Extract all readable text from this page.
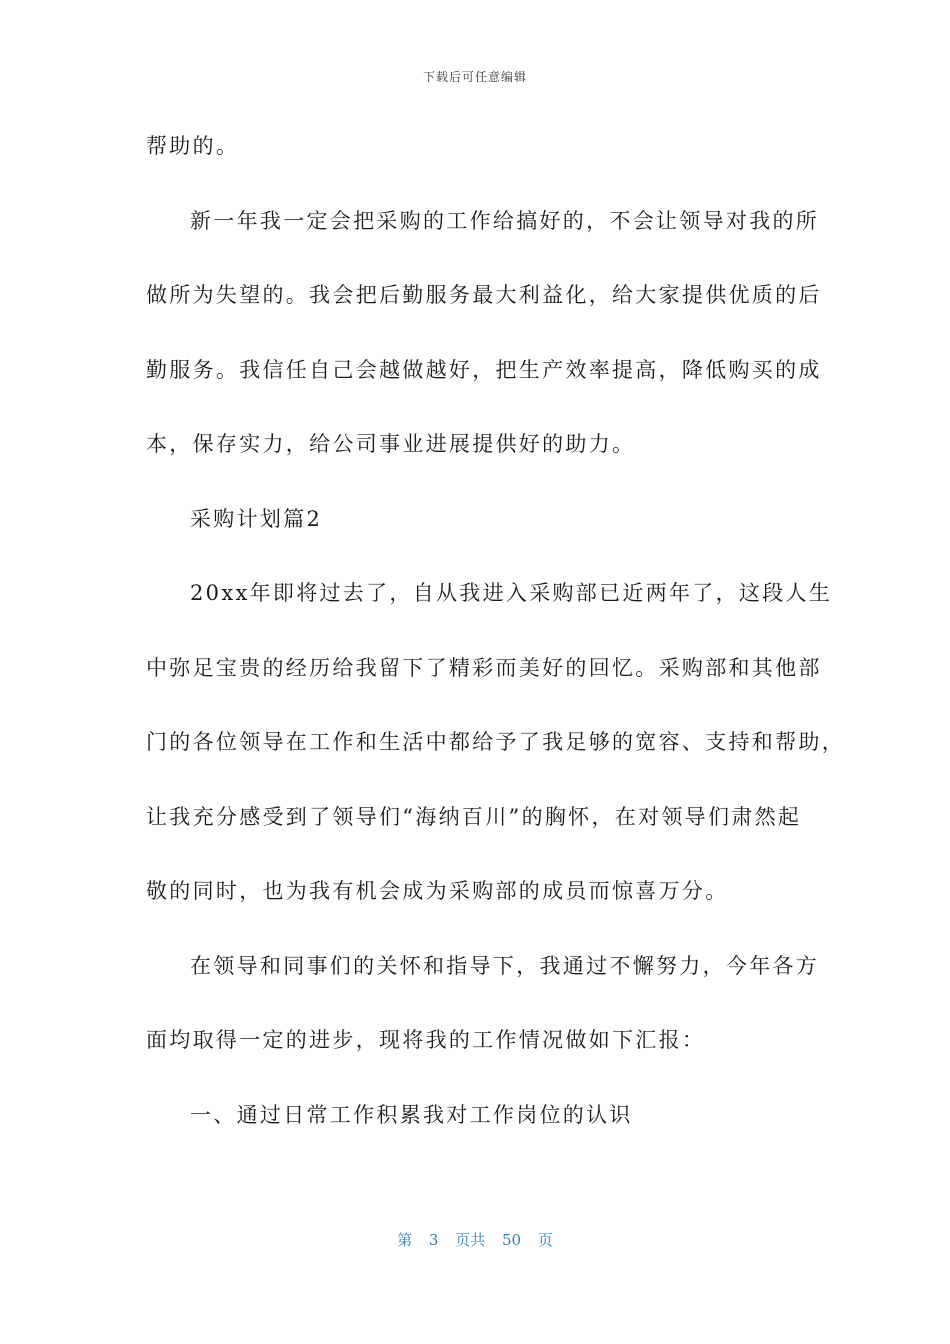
下载后可任意编辑
帮助的。
新一年我一定会把采购的工作给搞好的，不会让领导对我的所
做所为失望的。我会把后勤服务最大利益化，给大家提供优质的后
勤服务。我信任自己会越做越好，把生产效率提高，降低购买的成
本，保存实力，给公司事业进展提供好的助力。
采购计划篇2
20xx年即将过去了，自从我进入采购部已近两年了，这段人生
中弥足宝贵的经历给我留下了精彩而美好的回忆。采购部和其他部
门的各位领导在工作和生活中都给予了我足够的宽容、支持和帮助，
让我充分感受到了领导们“海纳百川”的胸怀，在对领导们肃然起
敬的同时，也为我有机会成为采购部的成员而惊喜万分。
在领导和同事们的关怀和指导下，我通过不懈努力，今年各方
面均取得一定的进步，现将我的工作情况做如下汇报：
一、通过日常工作积累我对工作岗位的认识
第 3 页共 50 页
